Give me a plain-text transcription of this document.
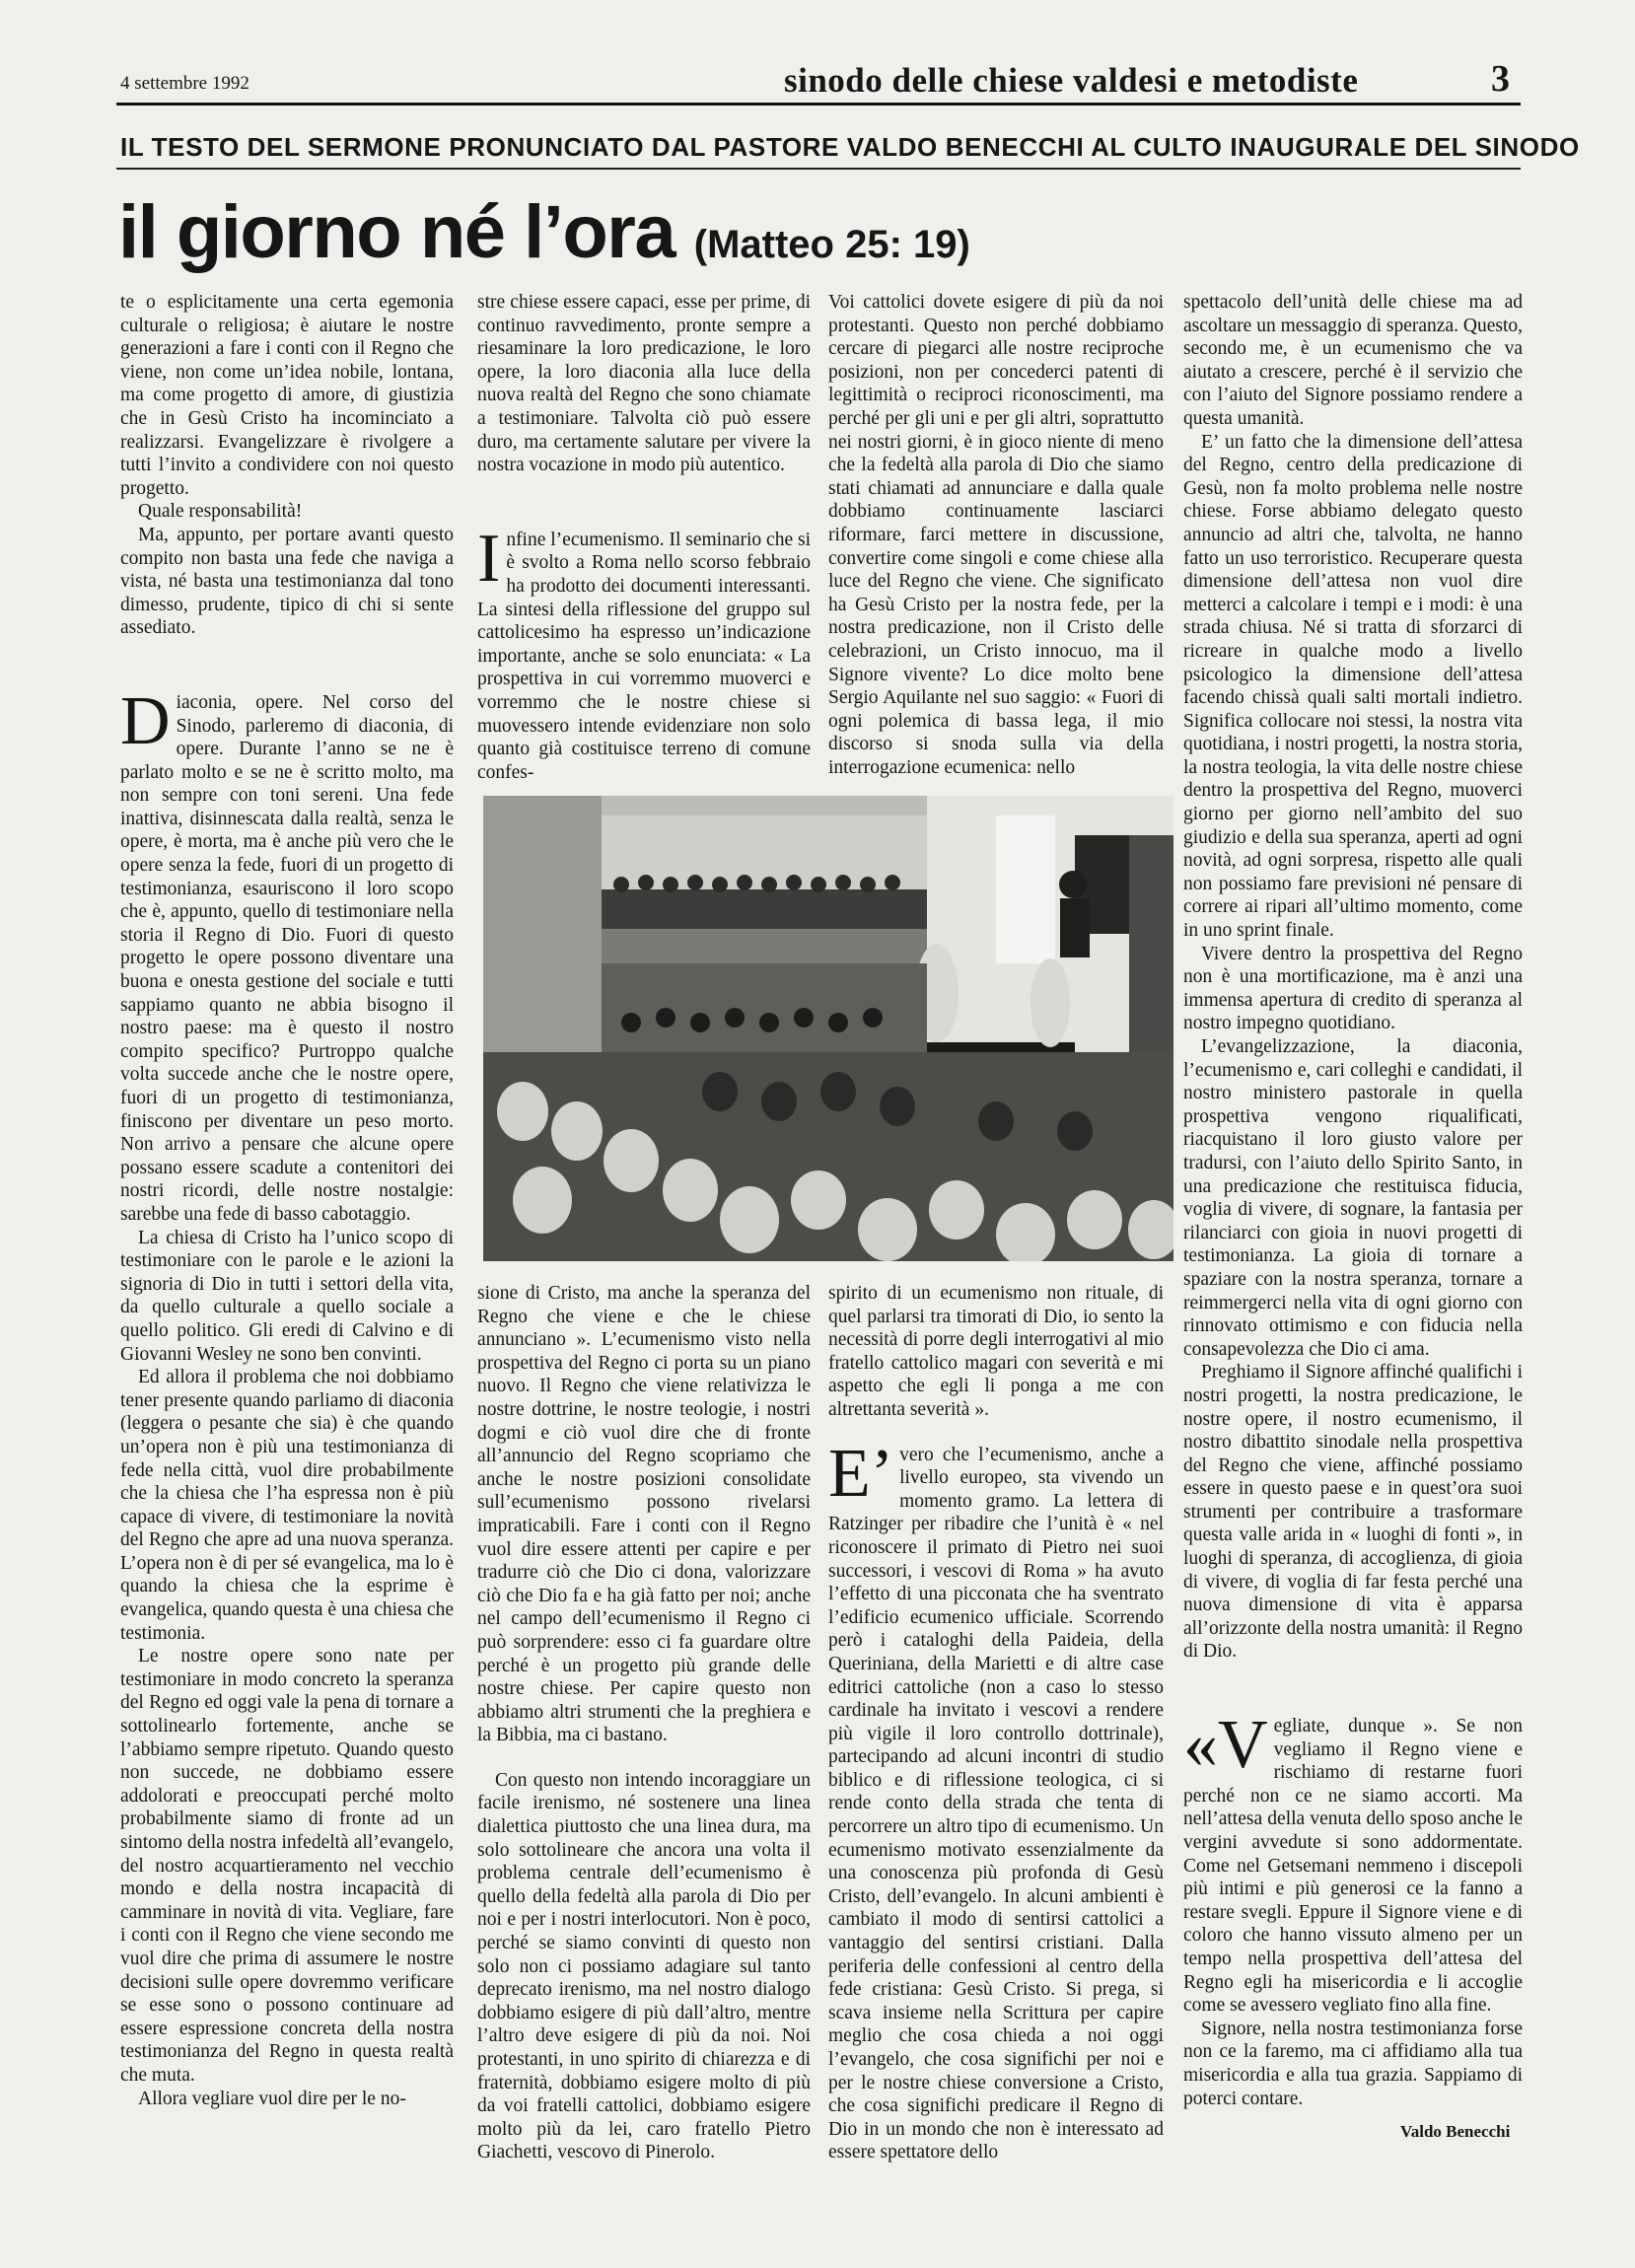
4 settembre 1992	sinodo delle chiese valdesi e metodiste	3
IL TESTO DEL SERMONE PRONUNCIATO DAL PASTORE VALDO BENECCHI AL CULTO INAUGURALE DEL SINODO
il giorno né l’ora (Matteo 25: 19)

te o esplicitamente una certa egemonia culturale o religiosa; è aiutare le nostre generazioni a fare i conti con il Regno che viene, non come un’idea nobile, lontana, ma come progetto di amore, di giustizia che in Gesù Cristo ha incominciato a realizzarsi. Evangelizzare è rivolgere a tutti l’invito a condividere con noi questo progetto.

Quale responsabilità!

Ma, appunto, per portare avanti questo compito non basta una fede che naviga a vista, né basta una testimonianza dal tono dimesso, prudente, tipico di chi si sente assediato.

Diaconia, opere. Nel corso del Sinodo, parleremo di diaconia, di opere. Durante l’anno se ne è parlato molto e se ne è scritto molto, ma non sempre con toni sereni. Una fede inattiva, disinnescata dalla realtà, senza le opere, è morta, ma è anche più vero che le opere senza la fede, fuori di un progetto di testimonianza, esauriscono il loro scopo che è, appunto, quello di testimoniare nella storia il Regno di Dio. Fuori di questo progetto le opere possono diventare una buona e onesta gestione del sociale e tutti sappiamo quanto ne abbia bisogno il nostro paese: ma è questo il nostro compito specifico? Purtroppo qualche volta succede anche che le nostre opere, fuori di un progetto di testimonianza, finiscono per diventare un peso morto. Non arrivo a pensare che alcune opere possano essere scadute a contenitori dei nostri ricordi, delle nostre nostalgie: sarebbe una fede di basso cabotaggio.

La chiesa di Cristo ha l’unico scopo di testimoniare con le parole e le azioni la signoria di Dio in tutti i settori della vita, da quello culturale a quello sociale a quello politico. Gli eredi di Calvino e di Giovanni Wesley ne sono ben convinti.

Ed allora il problema che noi dobbiamo tener presente quando parliamo di diaconia (leggera o pesante che sia) è che quando un’opera non è più una testimonianza di fede nella città, vuol dire probabilmente che la chiesa che l’ha espressa non è più capace di vivere, di testimoniare la novità del Regno che apre ad una nuova speranza. L’opera non è di per sé evangelica, ma lo è quando la chiesa che la esprime è evangelica, quando questa è una chiesa che testimonia.

Le nostre opere sono nate per testimoniare in modo concreto la speranza del Regno ed oggi vale la pena di tornare a sottolinearlo fortemente, anche se l’abbiamo sempre ripetuto. Quando questo non succede, ne dobbiamo essere addolorati e preoccupati perché molto probabilmente siamo di fronte ad un sintomo della nostra infedeltà all’evangelo, del nostro acquartieramento nel vecchio mondo e della nostra incapacità di camminare in novità di vita. Vegliare, fare i conti con il Regno che viene secondo me vuol dire che prima di assumere le nostre decisioni sulle opere dovremmo verificare se esse sono o possono continuare ad essere espressione concreta della nostra testimonianza del Regno in questa realtà che muta.

Allora vegliare vuol dire per le no-

stre chiese essere capaci, esse per prime, di continuo ravvedimento, pronte sempre a riesaminare la loro predicazione, le loro opere, la loro diaconia alla luce della nuova realtà del Regno che sono chiamate a testimoniare. Talvolta ciò può essere duro, ma certamente salutare per vivere la nostra vocazione in modo più autentico.

Infine l’ecumenismo. Il seminario che si è svolto a Roma nello scorso febbraio ha prodotto dei documenti interessanti. La sintesi della riflessione del gruppo sul cattolicesimo ha espresso un’indicazione importante, anche se solo enunciata: « La prospettiva in cui vorremmo muoverci e vorremmo che le nostre chiese si muovessero intende evidenziare non solo quanto già costituisce terreno di comune confes-

Voi cattolici dovete esigere di più da noi protestanti. Questo non perché dobbiamo cercare di piegarci alle nostre reciproche posizioni, non per concederci patenti di legittimità o reciproci riconoscimenti, ma perché per gli uni e per gli altri, soprattutto nei nostri giorni, è in gioco niente di meno che la fedeltà alla parola di Dio che siamo stati chiamati ad annunciare e dalla quale dobbiamo continuamente lasciarci riformare, farci mettere in discussione, convertire come singoli e come chiese alla luce del Regno che viene. Che significato ha Gesù Cristo per la nostra fede, per la nostra predicazione, non il Cristo delle celebrazioni, un Cristo innocuo, ma il Signore vivente? Lo dice molto bene Sergio Aquilante nel suo saggio: « Fuori di ogni polemica di bassa lega, il mio discorso si snoda sulla via della interrogazione ecumenica: nello

sione di Cristo, ma anche la speranza del Regno che viene e che le chiese annunciano ». L’ecumenismo visto nella prospettiva del Regno ci porta su un piano nuovo. Il Regno che viene relativizza le nostre dottrine, le nostre teologie, i nostri dogmi e ciò vuol dire che di fronte all’annuncio del Regno scopriamo che anche le nostre posizioni consolidate sull’ecumenismo possono rivelarsi impraticabili. Fare i conti con il Regno vuol dire essere attenti per capire e per tradurre ciò che Dio ci dona, valorizzare ciò che Dio fa e ha già fatto per noi; anche nel campo dell’ecumenismo il Regno ci può sorprendere: esso ci fa guardare oltre perché è un progetto più grande delle nostre chiese. Per capire questo non abbiamo altri strumenti che la preghiera e la Bibbia, ma ci bastano.

Con questo non intendo incoraggiare un facile irenismo, né sostenere una linea dialettica piuttosto che una linea dura, ma solo sottolineare che ancora una volta il problema centrale dell’ecumenismo è quello della fedeltà alla parola di Dio per noi e per i nostri interlocutori. Non è poco, perché se siamo convinti di questo non solo non ci possiamo adagiare sul tanto deprecato irenismo, ma nel nostro dialogo dobbiamo esigere di più dall’altro, mentre l’altro deve esigere di più da noi. Noi protestanti, in uno spirito di chiarezza e di fraternità, dobbiamo esigere molto di più da voi fratelli cattolici, dobbiamo esigere molto più da lei, caro fratello Pietro Giachetti, vescovo di Pinerolo.

spirito di un ecumenismo non rituale, di quel parlarsi tra timorati di Dio, io sento la necessità di porre degli interrogativi al mio fratello cattolico magari con severità e mi aspetto che egli li ponga a me con altrettanta severità ».

E’ vero che l’ecumenismo, anche a livello europeo, sta vivendo un momento gramo. La lettera di Ratzinger per ribadire che l’unità è « nel riconoscere il primato di Pietro nei suoi successori, i vescovi di Roma » ha avuto l’effetto di una picconata che ha sventrato l’edificio ecumenico ufficiale. Scorrendo però i cataloghi della Paideia, della Queriniana, della Marietti e di altre case editrici cattoliche (non a caso lo stesso cardinale ha invitato i vescovi a rendere più vigile il loro controllo dottrinale), partecipando ad alcuni incontri di studio biblico e di riflessione teologica, ci si rende conto della strada che tenta di percorrere un altro tipo di ecumenismo. Un ecumenismo motivato essenzialmente da una conoscenza più profonda di Gesù Cristo, dell’evangelo. In alcuni ambienti è cambiato il modo di sentirsi cattolici a vantaggio del sentirsi cristiani. Dalla periferia delle confessioni al centro della fede cristiana: Gesù Cristo. Si prega, si scava insieme nella Scrittura per capire meglio che cosa chieda a noi oggi l’evangelo, che cosa significhi per noi e per le nostre chiese conversione a Cristo, che cosa significhi predicare il Regno di Dio in un mondo che non è interessato ad essere spettatore dello

spettacolo dell’unità delle chiese ma ad ascoltare un messaggio di speranza. Questo, secondo me, è un ecumenismo che va aiutato a crescere, perché è il servizio che con l’aiuto del Signore possiamo rendere a questa umanità.

E’ un fatto che la dimensione dell’attesa del Regno, centro della predicazione di Gesù, non fa molto problema nelle nostre chiese. Forse abbiamo delegato questo annuncio ad altri che, talvolta, ne hanno fatto un uso terroristico. Recuperare questa dimensione dell’attesa non vuol dire metterci a calcolare i tempi e i modi: è una strada chiusa. Né si tratta di sforzarci di ricreare in qualche modo a livello psicologico la dimensione dell’attesa facendo chissà quali salti mortali indietro. Significa collocare noi stessi, la nostra vita quotidiana, i nostri progetti, la nostra storia, la nostra teologia, la vita delle nostre chiese dentro la prospettiva del Regno, muoverci giorno per giorno nell’ambito del suo giudizio e della sua speranza, aperti ad ogni novità, ad ogni sorpresa, rispetto alle quali non possiamo fare previsioni né pensare di correre ai ripari all’ultimo momento, come in uno sprint finale.

Vivere dentro la prospettiva del Regno non è una mortificazione, ma è anzi una immensa apertura di credito di speranza al nostro impegno quotidiano.

L’evangelizzazione, la diaconia, l’ecumenismo e, cari colleghi e candidati, il nostro ministero pastorale in quella prospettiva vengono riqualificati, riacquistano il loro giusto valore per tradursi, con l’aiuto dello Spirito Santo, in una predicazione che restituisca fiducia, voglia di vivere, di sognare, la fantasia per rilanciarci con gioia in nuovi progetti di testimonianza. La gioia di tornare a spaziare con la nostra speranza, tornare a reimmergerci nella vita di ogni giorno con rinnovato ottimismo e con fiducia nella consapevolezza che Dio ci ama.

Preghiamo il Signore affinché qualifichi i nostri progetti, la nostra predicazione, le nostre opere, il nostro ecumenismo, il nostro dibattito sinodale nella prospettiva del Regno che viene, affinché possiamo essere in questo paese e in quest’ora suoi strumenti per contribuire a trasformare questa valle arida in « luoghi di fonti », in luoghi di speranza, di accoglienza, di gioia di vivere, di voglia di far festa perché una nuova dimensione di vita è apparsa all’orizzonte della nostra umanità: il Regno di Dio.

«Vegliate, dunque ». Se non vegliamo il Regno viene e rischiamo di restarne fuori perché non ce ne siamo accorti. Ma nell’attesa della venuta dello sposo anche le vergini avvedute si sono addormentate. Come nel Getsemani nemmeno i discepoli più intimi e più generosi ce la fanno a restare svegli. Eppure il Signore viene e di coloro che hanno vissuto almeno per un tempo nella prospettiva dell’attesa del Regno egli ha misericordia e li accoglie come se avessero vegliato fino alla fine.

Signore, nella nostra testimonianza forse non ce la faremo, ma ci affidiamo alla tua misericordia e alla tua grazia. Sappiamo di poterci contare.

Valdo Benecchi
